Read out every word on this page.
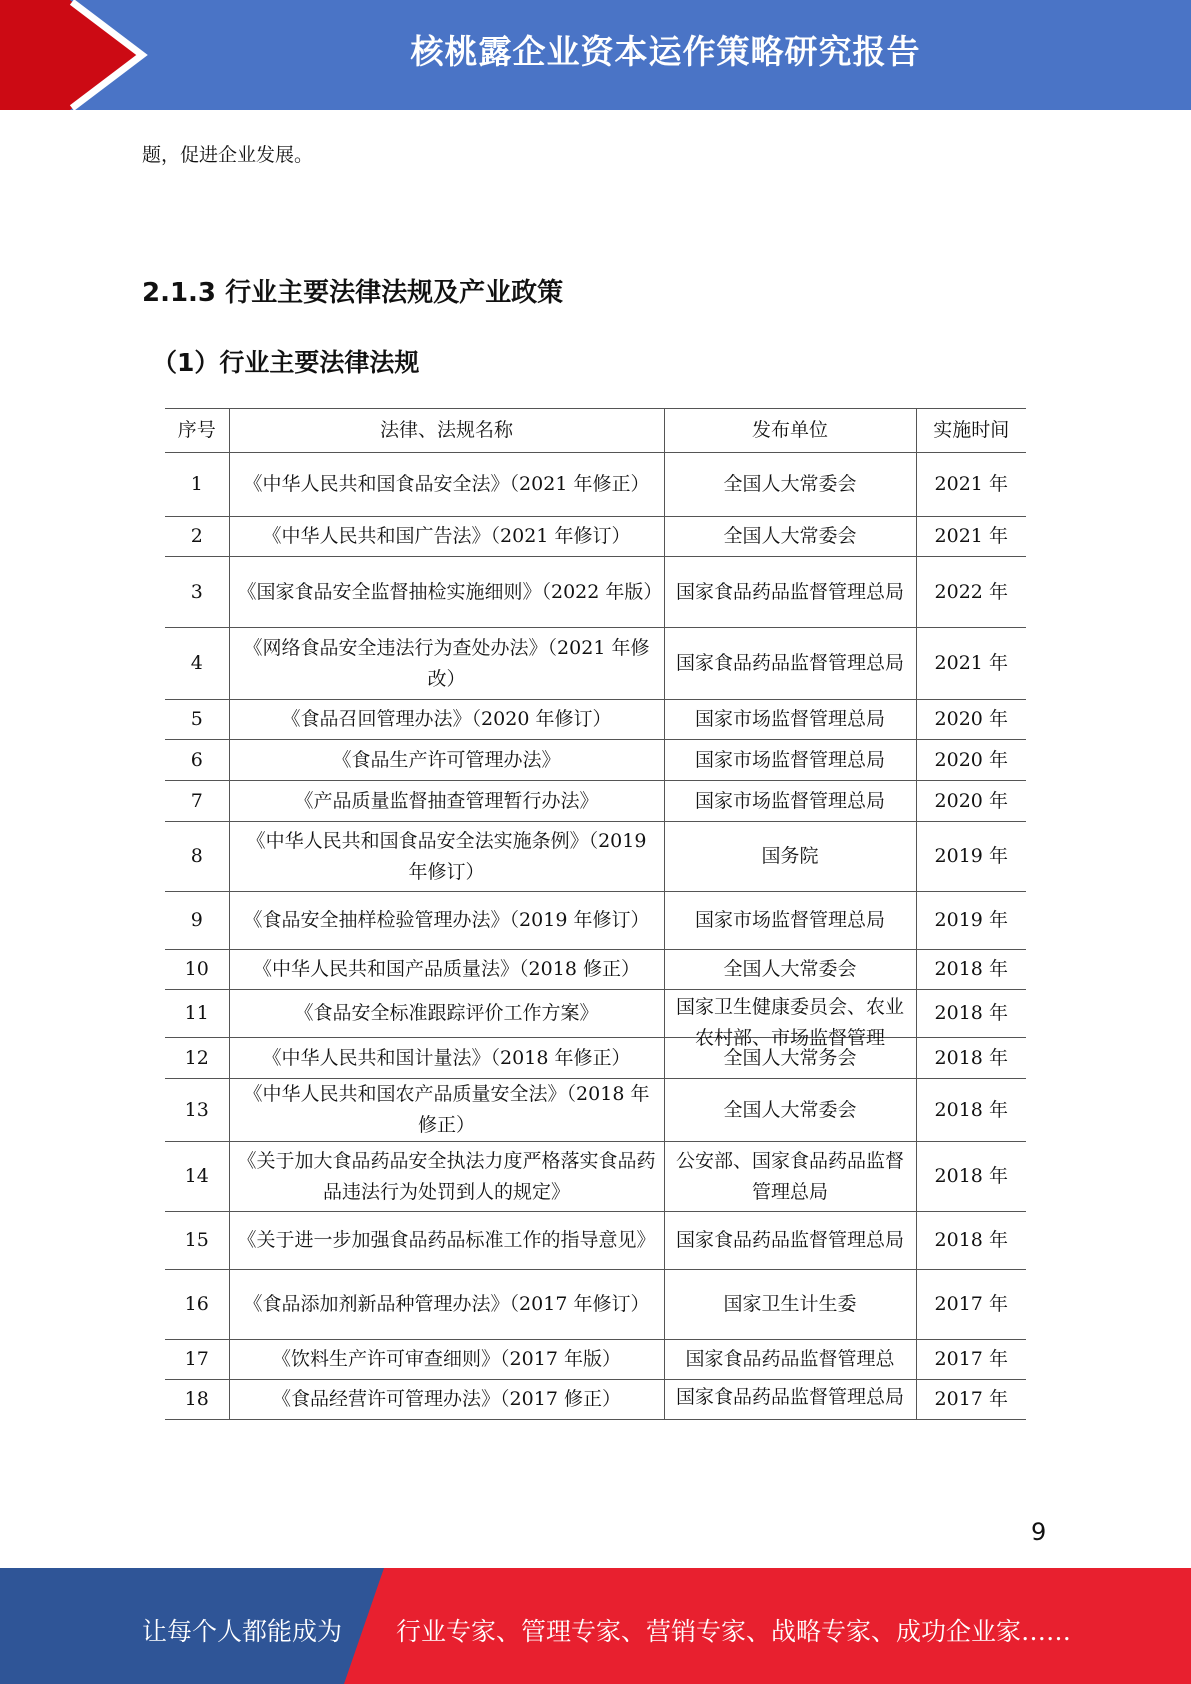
核桃露企业资本运作策略研究报告
题，促进企业发展。
2.1.3 行业主要法律法规及产业政策
（1）行业主要法律法规
序号	法律、法规名称	发布单位	实施时间
1	《中华人民共和国食品安全法》（2021 年修正）	全国人大常委会	2021 年
2	《中华人民共和国广告法》（2021 年修订）	全国人大常委会	2021 年
3	《国家食品安全监督抽检实施细则》（2022 年版）	国家食品药品监督管理总局	2022 年
4	《网络食品安全违法行为查处办法》（2021 年修改）	国家食品药品监督管理总局	2021 年
5	《食品召回管理办法》（2020 年修订）	国家市场监督管理总局	2020 年
6	《食品生产许可管理办法》	国家市场监督管理总局	2020 年
7	《产品质量监督抽查管理暂行办法》	国家市场监督管理总局	2020 年
8	《中华人民共和国食品安全法实施条例》（2019 年修订）	国务院	2019 年
9	《食品安全抽样检验管理办法》（2019 年修订）	国家市场监督管理总局	2019 年
10	《中华人民共和国产品质量法》（2018 修正）	全国人大常委会	2018 年
11	《食品安全标准跟踪评价工作方案》	国家卫生健康委员会、农业农村部、市场监督管理	2018 年
12	《中华人民共和国计量法》（2018 年修正）	全国人大常务会	2018 年
13	《中华人民共和国农产品质量安全法》（2018 年修正）	全国人大常委会	2018 年
14	《关于加大食品药品安全执法力度严格落实食品药品违法行为处罚到人的规定》	公安部、国家食品药品监督管理总局	2018 年
15	《关于进一步加强食品药品标准工作的指导意见》	国家食品药品监督管理总局	2018 年
16	《食品添加剂新品种管理办法》（2017 年修订）	国家卫生计生委	2017 年
17	《饮料生产许可审查细则》（2017 年版）	国家食品药品监督管理总	2017 年
18	《食品经营许可管理办法》（2017 修正）	国家食品药品监督管理总局	2017 年
9
让每个人都能成为 行业专家、管理专家、营销专家、战略专家、成功企业家……
